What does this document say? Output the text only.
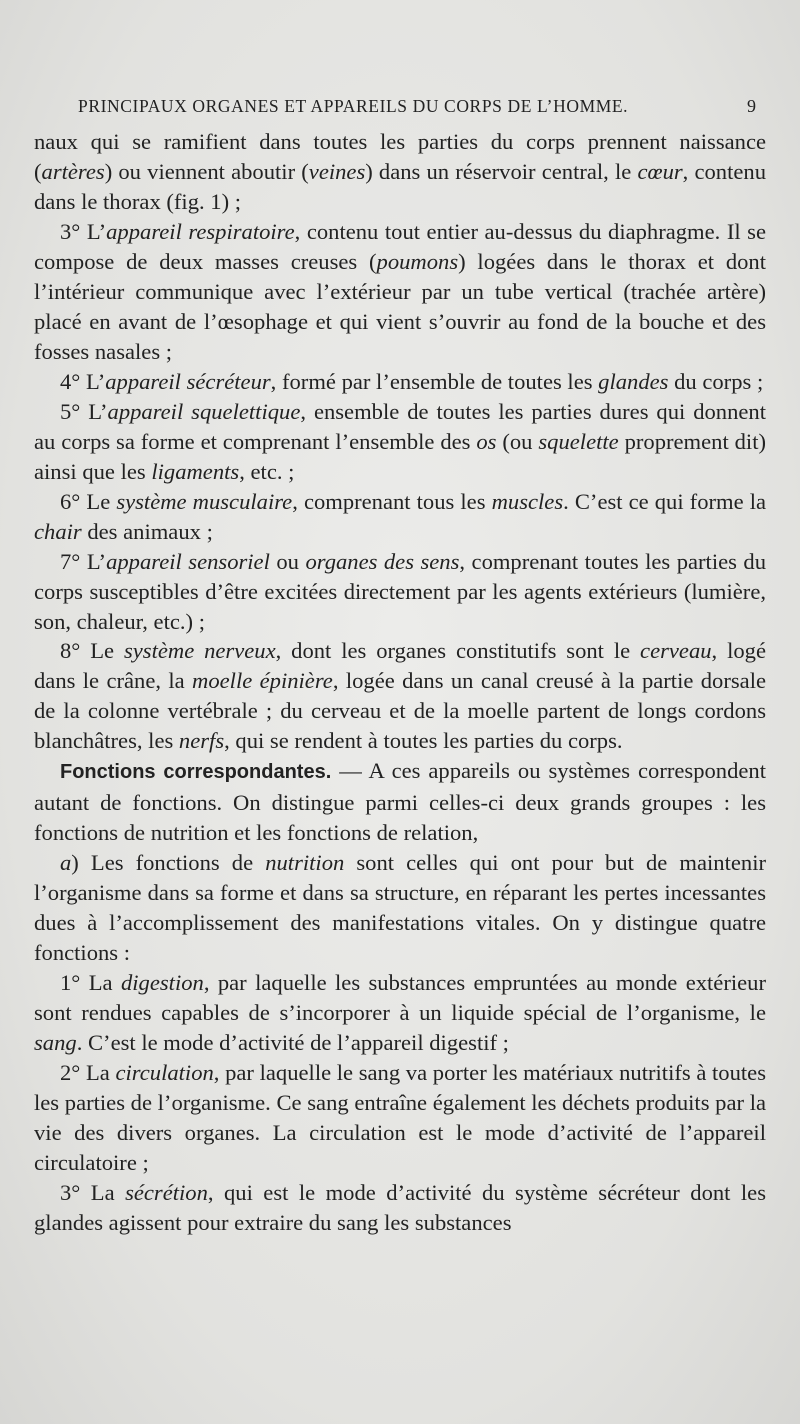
PRINCIPAUX ORGANES ET APPAREILS DU CORPS DE L’HOMME.	9

naux qui se ramifient dans toutes les parties du corps prennent naissance (artères) ou viennent aboutir (veines) dans un réservoir central, le cœur, contenu dans le thorax (fig. 1) ;

3° L’appareil respiratoire, contenu tout entier au-dessus du diaphragme. Il se compose de deux masses creuses (poumons) logées dans le thorax et dont l’intérieur communique avec l’extérieur par un tube vertical (trachée artère) placé en avant de l’œsophage et qui vient s’ouvrir au fond de la bouche et des fosses nasales ;

4° L’appareil sécréteur, formé par l’ensemble de toutes les glandes du corps ;

5° L’appareil squelettique, ensemble de toutes les parties dures qui donnent au corps sa forme et comprenant l’ensemble des os (ou squelette proprement dit) ainsi que les ligaments, etc. ;

6° Le système musculaire, comprenant tous les muscles. C’est ce qui forme la chair des animaux ;

7° L’appareil sensoriel ou organes des sens, comprenant toutes les parties du corps susceptibles d’être excitées directement par les agents extérieurs (lumière, son, chaleur, etc.) ;

8° Le système nerveux, dont les organes constitutifs sont le cerveau, logé dans le crâne, la moelle épinière, logée dans un canal creusé à la partie dorsale de la colonne vertébrale ; du cerveau et de la moelle partent de longs cordons blanchâtres, les nerfs, qui se rendent à toutes les parties du corps.

Fonctions correspondantes. — A ces appareils ou systèmes correspondent autant de fonctions. On distingue parmi celles-ci deux grands groupes : les fonctions de nutrition et les fonctions de relation,

a) Les fonctions de nutrition sont celles qui ont pour but de maintenir l’organisme dans sa forme et dans sa structure, en réparant les pertes incessantes dues à l’accomplissement des manifestations vitales. On y distingue quatre fonctions :

1° La digestion, par laquelle les substances empruntées au monde extérieur sont rendues capables de s’incorporer à un liquide spécial de l’organisme, le sang. C’est le mode d’activité de l’appareil digestif ;

2° La circulation, par laquelle le sang va porter les matériaux nutritifs à toutes les parties de l’organisme. Ce sang entraîne également les déchets produits par la vie des divers organes. La circulation est le mode d’activité de l’appareil circulatoire ;

3° La sécrétion, qui est le mode d’activité du système sécréteur dont les glandes agissent pour extraire du sang les substances
